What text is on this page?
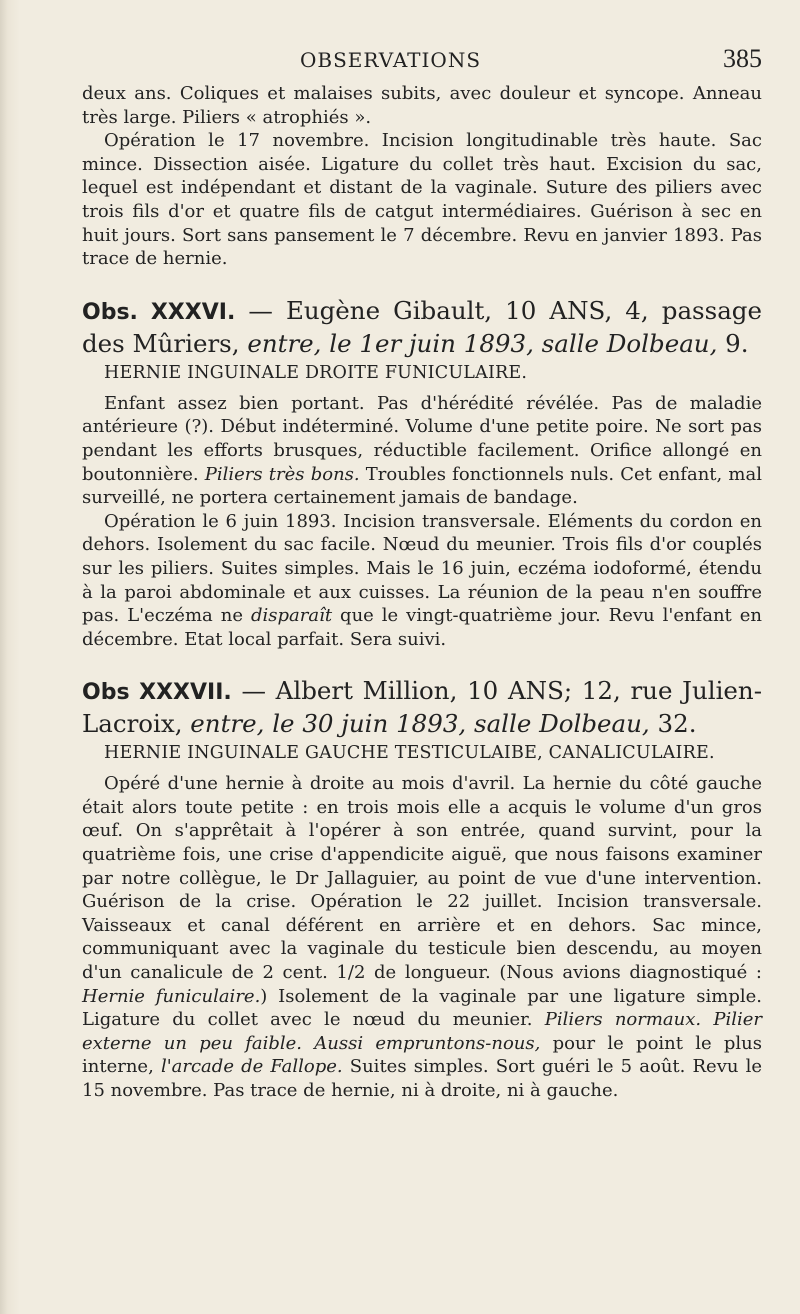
OBSERVATIONS	385

deux ans. Coliques et malaises subits, avec douleur et syncope. Anneau très large. Piliers « atrophiés ».

Opération le 17 novembre. Incision longitudinable très haute. Sac mince. Dissection aisée. Ligature du collet très haut. Excision du sac, lequel est indépendant et distant de la vaginale. Suture des piliers avec trois fils d'or et quatre fils de catgut intermédiaires. Guérison à sec en huit jours. Sort sans pansement le 7 décembre. Revu en janvier 1893. Pas trace de hernie.

Obs. XXXVI. — Eugène Gibault, 10 ANS, 4, passage des Mûriers, entre, le 1er juin 1893, salle Dolbeau, 9.
HERNIE INGUINALE DROITE FUNICULAIRE.

Enfant assez bien portant. Pas d'hérédité révélée. Pas de maladie antérieure (?). Début indéterminé. Volume d'une petite poire. Ne sort pas pendant les efforts brusques, réductible facilement. Orifice allongé en boutonnière. Piliers très bons. Troubles fonctionnels nuls. Cet enfant, mal surveillé, ne portera certainement jamais de bandage.

Opération le 6 juin 1893. Incision transversale. Eléments du cordon en dehors. Isolement du sac facile. Nœud du meunier. Trois fils d'or couplés sur les piliers. Suites simples. Mais le 16 juin, eczéma iodoformé, étendu à la paroi abdominale et aux cuisses. La réunion de la peau n'en souffre pas. L'eczéma ne disparaît que le vingt-quatrième jour. Revu l'enfant en décembre. Etat local parfait. Sera suivi.

Obs XXXVII. — Albert Million, 10 ANS; 12, rue Julien-Lacroix, entre, le 30 juin 1893, salle Dolbeau, 32.
HERNIE INGUINALE GAUCHE TESTICULAIBE, CANALICULAIRE.

Opéré d'une hernie à droite au mois d'avril. La hernie du côté gauche était alors toute petite : en trois mois elle a acquis le volume d'un gros œuf. On s'apprêtait à l'opérer à son entrée, quand survint, pour la quatrième fois, une crise d'appendicite aiguë, que nous faisons examiner par notre collègue, le Dr Jallaguier, au point de vue d'une intervention. Guérison de la crise. Opération le 22 juillet. Incision transversale. Vaisseaux et canal déférent en arrière et en dehors. Sac mince, communiquant avec la vaginale du testicule bien descendu, au moyen d'un canalicule de 2 cent. 1/2 de longueur. (Nous avions diagnostiqué : Hernie funiculaire.) Isolement de la vaginale par une ligature simple. Ligature du collet avec le nœud du meunier. Piliers normaux. Pilier externe un peu faible. Aussi empruntons-nous, pour le point le plus interne, l'arcade de Fallope. Suites simples. Sort guéri le 5 août. Revu le 15 novembre. Pas trace de hernie, ni à droite, ni à gauche.
